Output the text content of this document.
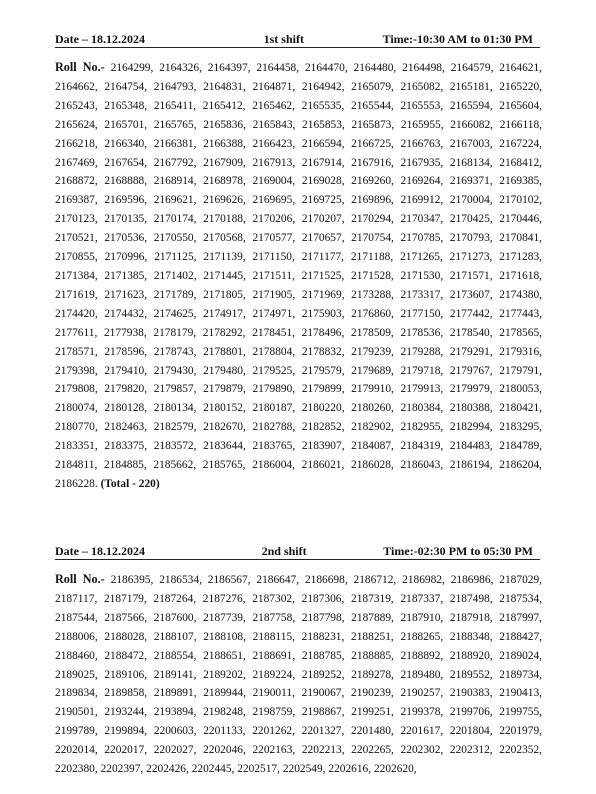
Date – 18.12.2024	1st shift	Time:-10:30 AM to 01:30 PM
Roll No.- 2164299, 2164326, 2164397, 2164458, 2164470, 2164480, 2164498, 2164579, 2164621, 2164662, 2164754, 2164793, 2164831, 2164871, 2164942, 2165079, 2165082, 2165181, 2165220, 2165243, 2165348, 2165411, 2165412, 2165462, 2165535, 2165544, 2165553, 2165594, 2165604, 2165624, 2165701, 2165765, 2165836, 2165843, 2165853, 2165873, 2165955, 2166082, 2166118, 2166218, 2166340, 2166381, 2166388, 2166423, 2166594, 2166725, 2166763, 2167003, 2167224, 2167469, 2167654, 2167792, 2167909, 2167913, 2167914, 2167916, 2167935, 2168134, 2168412, 2168872, 2168888, 2168914, 2168978, 2169004, 2169028, 2169260, 2169264, 2169371, 2169385, 2169387, 2169596, 2169621, 2169626, 2169695, 2169725, 2169896, 2169912, 2170004, 2170102, 2170123, 2170135, 2170174, 2170188, 2170206, 2170207, 2170294, 2170347, 2170425, 2170446, 2170521, 2170536, 2170550, 2170568, 2170577, 2170657, 2170754, 2170785, 2170793, 2170841, 2170855, 2170996, 2171125, 2171139, 2171150, 2171177, 2171188, 2171265, 2171273, 2171283, 2171384, 2171385, 2171402, 2171445, 2171511, 2171525, 2171528, 2171530, 2171571, 2171618, 2171619, 2171623, 2171789, 2171805, 2171905, 2171969, 2173288, 2173317, 2173607, 2174380, 2174420, 2174432, 2174625, 2174917, 2174971, 2175903, 2176860, 2177150, 2177442, 2177443, 2177611, 2177938, 2178179, 2178292, 2178451, 2178496, 2178509, 2178536, 2178540, 2178565, 2178571, 2178596, 2178743, 2178801, 2178804, 2178832, 2179239, 2179288, 2179291, 2179316, 2179398, 2179410, 2179430, 2179480, 2179525, 2179579, 2179689, 2179718, 2179767, 2179791, 2179808, 2179820, 2179857, 2179879, 2179890, 2179899, 2179910, 2179913, 2179979, 2180053, 2180074, 2180128, 2180134, 2180152, 2180187, 2180220, 2180260, 2180384, 2180388, 2180421, 2180770, 2182463, 2182579, 2182670, 2182788, 2182852, 2182902, 2182955, 2182994, 2183295, 2183351, 2183375, 2183572, 2183644, 2183765, 2183907, 2184087, 2184319, 2184483, 2184789, 2184811, 2184885, 2185662, 2185765, 2186004, 2186021, 2186028, 2186043, 2186194, 2186204, 2186228. (Total - 220)
Date – 18.12.2024	2nd shift	Time:-02:30 PM to 05:30 PM
Roll No.- 2186395, 2186534, 2186567, 2186647, 2186698, 2186712, 2186982, 2186986, 2187029, 2187117, 2187179, 2187264, 2187276, 2187302, 2187306, 2187319, 2187337, 2187498, 2187534, 2187544, 2187566, 2187600, 2187739, 2187758, 2187798, 2187889, 2187910, 2187918, 2187997, 2188006, 2188028, 2188107, 2188108, 2188115, 2188231, 2188251, 2188265, 2188348, 2188427, 2188460, 2188472, 2188554, 2188651, 2188691, 2188785, 2188885, 2188892, 2188920, 2189024, 2189025, 2189106, 2189141, 2189202, 2189224, 2189252, 2189278, 2189480, 2189552, 2189734, 2189834, 2189858, 2189891, 2189944, 2190011, 2190067, 2190239, 2190257, 2190383, 2190413, 2190501, 2193244, 2193894, 2198248, 2198759, 2198867, 2199251, 2199378, 2199706, 2199755, 2199789, 2199894, 2200603, 2201133, 2201262, 2201327, 2201480, 2201617, 2201804, 2201979, 2202014, 2202017, 2202027, 2202046, 2202163, 2202213, 2202265, 2202302, 2202312, 2202352, 2202380, 2202397, 2202426, 2202445, 2202517, 2202549, 2202616, 2202620,
